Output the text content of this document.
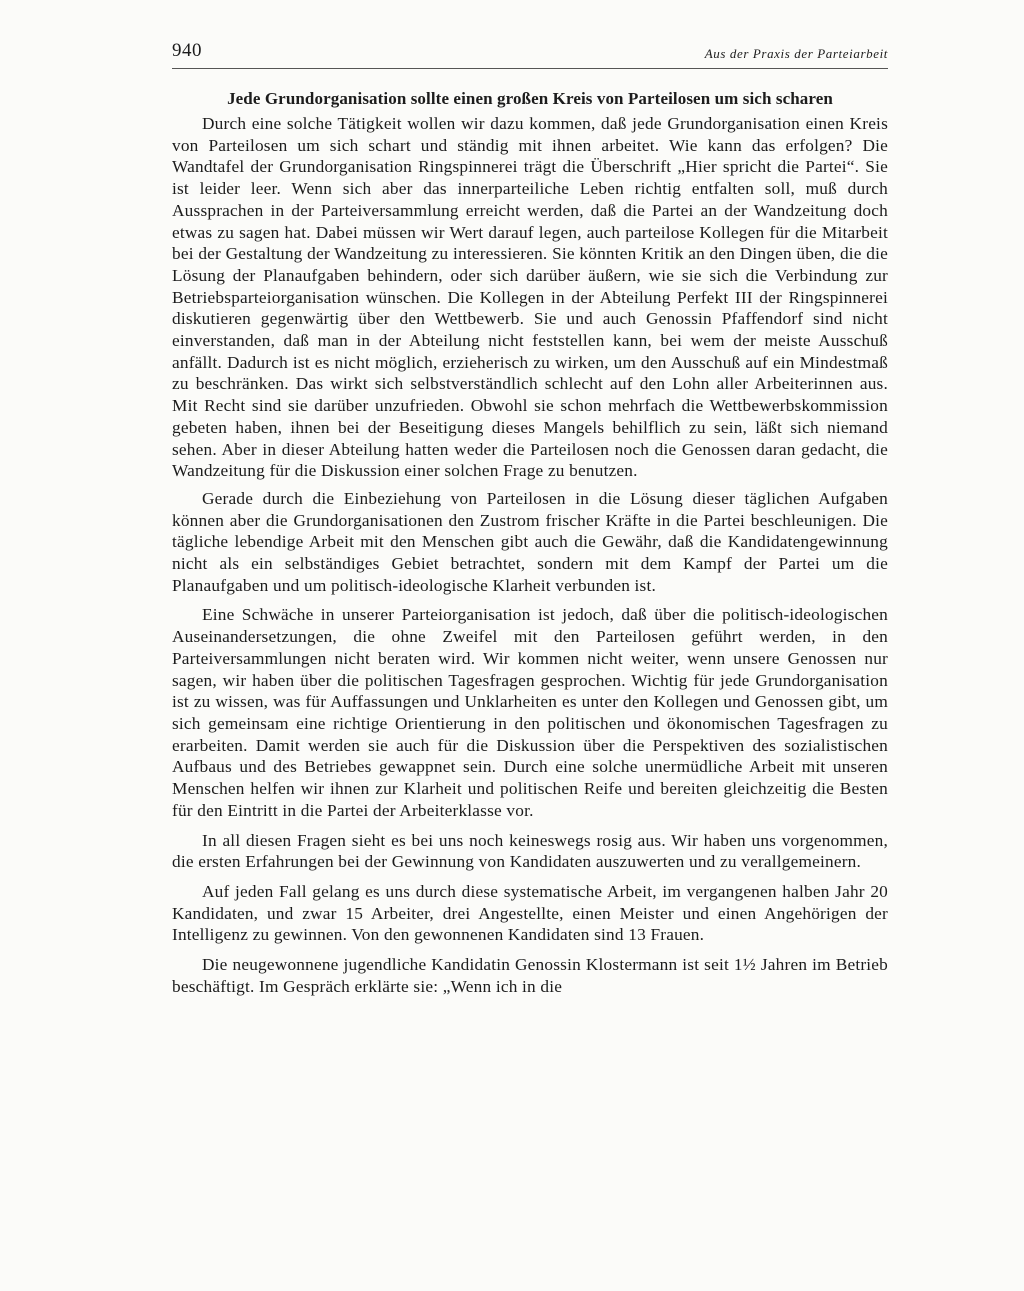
940	Aus der Praxis der Parteiarbeit
Jede Grundorganisation sollte einen großen Kreis von Parteilosen um sich scharen

Durch eine solche Tätigkeit wollen wir dazu kommen, daß jede Grundorganisation einen Kreis von Parteilosen um sich schart und ständig mit ihnen arbeitet. Wie kann das erfolgen? Die Wandtafel der Grundorganisation Ringspinnerei trägt die Überschrift „Hier spricht die Partei“. Sie ist leider leer. Wenn sich aber das innerparteiliche Leben richtig entfalten soll, muß durch Aussprachen in der Parteiversammlung erreicht werden, daß die Partei an der Wandzeitung doch etwas zu sagen hat. Dabei müssen wir Wert darauf legen, auch parteilose Kollegen für die Mitarbeit bei der Gestaltung der Wandzeitung zu interessieren. Sie könnten Kritik an den Dingen üben, die die Lösung der Planaufgaben behindern, oder sich darüber äußern, wie sie sich die Verbindung zur Betriebsparteiorganisation wünschen. Die Kollegen in der Abteilung Perfekt III der Ringspinnerei diskutieren gegenwärtig über den Wettbewerb. Sie und auch Genossin Pfaffendorf sind nicht einverstanden, daß man in der Abteilung nicht feststellen kann, bei wem der meiste Ausschuß anfällt. Dadurch ist es nicht möglich, erzieherisch zu wirken, um den Ausschuß auf ein Mindestmaß zu beschränken. Das wirkt sich selbstverständlich schlecht auf den Lohn aller Arbeiterinnen aus. Mit Recht sind sie darüber unzufrieden. Obwohl sie schon mehrfach die Wettbewerbskommission gebeten haben, ihnen bei der Beseitigung dieses Mangels behilflich zu sein, läßt sich niemand sehen. Aber in dieser Abteilung hatten weder die Parteilosen noch die Genossen daran gedacht, die Wandzeitung für die Diskussion einer solchen Frage zu benutzen.

Gerade durch die Einbeziehung von Parteilosen in die Lösung dieser täglichen Aufgaben können aber die Grundorganisationen den Zustrom frischer Kräfte in die Partei beschleunigen. Die tägliche lebendige Arbeit mit den Menschen gibt auch die Gewähr, daß die Kandidatengewinnung nicht als ein selbständiges Gebiet betrachtet, sondern mit dem Kampf der Partei um die Planaufgaben und um politisch-ideologische Klarheit verbunden ist.

Eine Schwäche in unserer Parteiorganisation ist jedoch, daß über die politisch-ideologischen Auseinandersetzungen, die ohne Zweifel mit den Parteilosen geführt werden, in den Parteiversammlungen nicht beraten wird. Wir kommen nicht weiter, wenn unsere Genossen nur sagen, wir haben über die politischen Tagesfragen gesprochen. Wichtig für jede Grundorganisation ist zu wissen, was für Auffassungen und Unklarheiten es unter den Kollegen und Genossen gibt, um sich gemeinsam eine richtige Orientierung in den politischen und ökonomischen Tagesfragen zu erarbeiten. Damit werden sie auch für die Diskussion über die Perspektiven des sozialistischen Aufbaus und des Betriebes gewappnet sein. Durch eine solche unermüdliche Arbeit mit unseren Menschen helfen wir ihnen zur Klarheit und politischen Reife und bereiten gleichzeitig die Besten für den Eintritt in die Partei der Arbeiterklasse vor.

In all diesen Fragen sieht es bei uns noch keineswegs rosig aus. Wir haben uns vorgenommen, die ersten Erfahrungen bei der Gewinnung von Kandidaten auszuwerten und zu verallgemeinern.

Auf jeden Fall gelang es uns durch diese systematische Arbeit, im vergangenen halben Jahr 20 Kandidaten, und zwar 15 Arbeiter, drei Angestellte, einen Meister und einen Angehörigen der Intelligenz zu gewinnen. Von den gewonnenen Kandidaten sind 13 Frauen.

Die neugewonnene jugendliche Kandidatin Genossin Klostermann ist seit 1½ Jahren im Betrieb beschäftigt. Im Gespräch erklärte sie: „Wenn ich in die
